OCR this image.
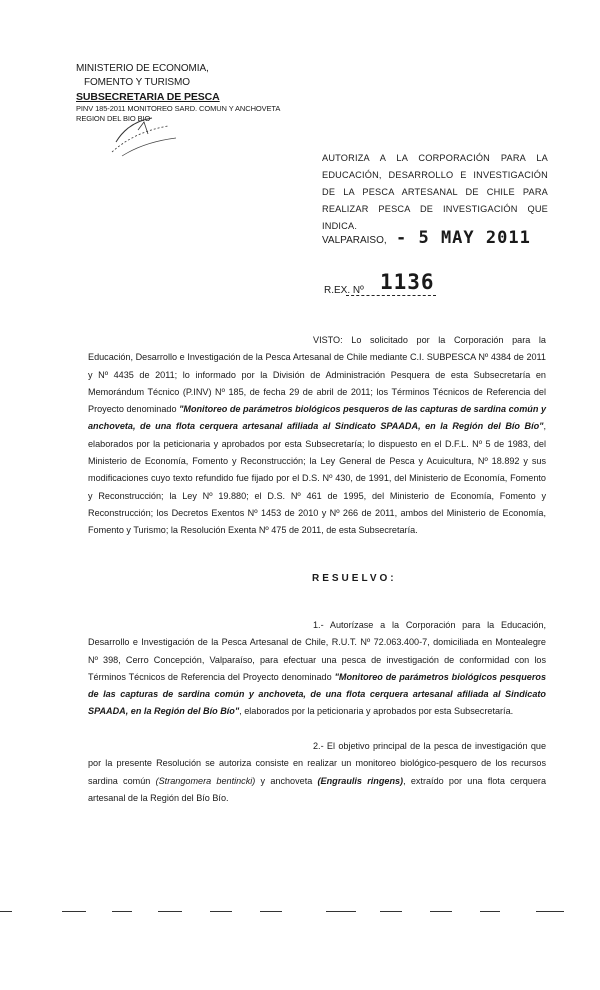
MINISTERIO DE ECONOMIA,
FOMENTO Y TURISMO
SUBSECRETARIA DE PESCA
PINV 185-2011 MONITOREO SARD. COMUN Y ANCHOVETA
REGION DEL BIO BIO
AUTORIZA A LA CORPORACIÓN PARA LA EDUCACIÓN, DESARROLLO E INVESTIGACIÓN DE LA PESCA ARTESANAL DE CHILE PARA REALIZAR PESCA DE INVESTIGACIÓN QUE INDICA.
VALPARAISO, - 5 MAY 2011
1136
R.EX. Nº
VISTO: Lo solicitado por la Corporación para la Educación, Desarrollo e Investigación de la Pesca Artesanal de Chile mediante C.I. SUBPESCA Nº 4384 de 2011 y Nº 4435 de 2011; lo informado por la División de Administración Pesquera de esta Subsecretaría en Memorándum Técnico (P.INV) Nº 185, de fecha 29 de abril de 2011; los Términos Técnicos de Referencia del Proyecto denominado "Monitoreo de parámetros biológicos pesqueros de las capturas de sardina común y anchoveta, de una flota cerquera artesanal afiliada al Sindicato SPAADA, en la Región del Bío Bío", elaborados por la peticionaria y aprobados por esta Subsecretaría; lo dispuesto en el D.F.L. Nº 5 de 1983, del Ministerio de Economía, Fomento y Reconstrucción; la Ley General de Pesca y Acuicultura, Nº 18.892 y sus modificaciones cuyo texto refundido fue fijado por el D.S. Nº 430, de 1991, del Ministerio de Economía, Fomento y Reconstrucción; la Ley Nº 19.880; el D.S. Nº 461 de 1995, del Ministerio de Economía, Fomento y Reconstrucción; los Decretos Exentos Nº 1453 de 2010 y Nº 266 de 2011, ambos del Ministerio de Economía, Fomento y Turismo; la Resolución Exenta Nº 475 de 2011, de esta Subsecretaría.
RESUELVO:
1.- Autorízase a la Corporación para la Educación, Desarrollo e Investigación de la Pesca Artesanal de Chile, R.U.T. Nº 72.063.400-7, domiciliada en Montealegre Nº 398, Cerro Concepción, Valparaíso, para efectuar una pesca de investigación de conformidad con los Términos Técnicos de Referencia del Proyecto denominado "Monitoreo de parámetros biológicos pesqueros de las capturas de sardina común y anchoveta, de una flota cerquera artesanal afiliada al Sindicato SPAADA, en la Región del Bío Bío", elaborados por la peticionaria y aprobados por esta Subsecretaría.
2.- El objetivo principal de la pesca de investigación que por la presente Resolución se autoriza consiste en realizar un monitoreo biológico-pesquero de los recursos sardina común (Strangomera bentincki) y anchoveta (Engraulis ringens), extraído por una flota cerquera artesanal de la Región del Bío Bío.
